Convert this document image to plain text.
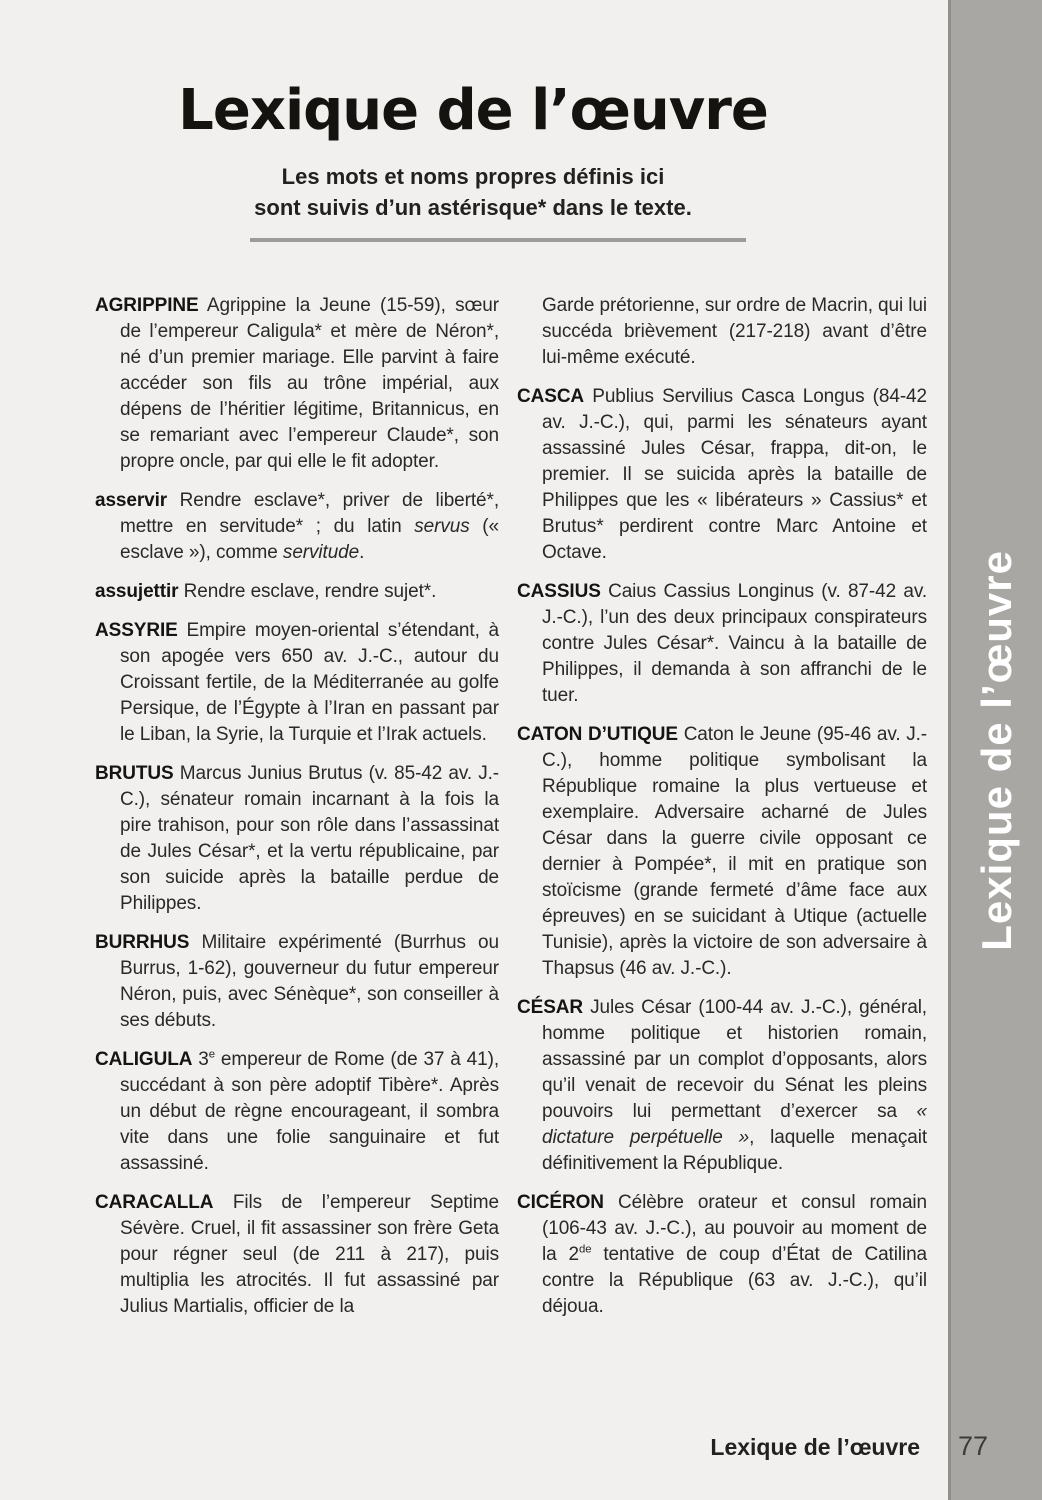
Lexique de l’œuvre
Lexique de l’œuvre

Les mots et noms propres définis ici
sont suivis d’un astérisque* dans le texte.

AGRIPPINE Agrippine la Jeune (15-59), sœur de l’empereur Caligula* et mère de Néron*, né d’un premier mariage. Elle parvint à faire accéder son fils au trône impérial, aux dépens de l’héritier légitime, Britannicus, en se remariant avec l’empereur Claude*, son propre oncle, par qui elle le fit adopter.

asservir Rendre esclave*, priver de liberté*, mettre en servitude* ; du latin servus (« esclave »), comme servitude.

assujettir Rendre esclave, rendre sujet*.

ASSYRIE Empire moyen-oriental s’étendant, à son apogée vers 650 av. J.-C., autour du Croissant fertile, de la Méditerranée au golfe Persique, de l’Égypte à l’Iran en passant par le Liban, la Syrie, la Turquie et l’Irak actuels.

BRUTUS Marcus Junius Brutus (v. 85-42 av. J.-C.), sénateur romain incarnant à la fois la pire trahison, pour son rôle dans l’assassinat de Jules César*, et la vertu républicaine, par son suicide après la bataille perdue de Philippes.

BURRHUS Militaire expérimenté (Burrhus ou Burrus, 1-62), gouverneur du futur empereur Néron, puis, avec Sénèque*, son conseiller à ses débuts.

CALIGULA 3e empereur de Rome (de 37 à 41), succédant à son père adoptif Tibère*. Après un début de règne encourageant, il sombra vite dans une folie sanguinaire et fut assassiné.

CARACALLA Fils de l’empereur Septime Sévère. Cruel, il fit assassiner son frère Geta pour régner seul (de 211 à 217), puis multiplia les atrocités. Il fut assassiné par Julius Martialis, officier de la

Garde prétorienne, sur ordre de Macrin, qui lui succéda brièvement (217-218) avant d’être lui-même exécuté.

CASCA Publius Servilius Casca Longus (84-42 av. J.-C.), qui, parmi les sénateurs ayant assassiné Jules César, frappa, dit-on, le premier. Il se suicida après la bataille de Philippes que les « libérateurs » Cassius* et Brutus* perdirent contre Marc Antoine et Octave.

CASSIUS Caius Cassius Longinus (v. 87-42 av. J.-C.), l’un des deux principaux conspirateurs contre Jules César*. Vaincu à la bataille de Philippes, il demanda à son affranchi de le tuer.

CATON D’UTIQUE Caton le Jeune (95-46 av. J.-C.), homme politique symbolisant la République romaine la plus vertueuse et exemplaire. Adversaire acharné de Jules César dans la guerre civile opposant ce dernier à Pompée*, il mit en pratique son stoïcisme (grande fermeté d’âme face aux épreuves) en se suicidant à Utique (actuelle Tunisie), après la victoire de son adversaire à Thapsus (46 av. J.-C.).

CÉSAR Jules César (100-44 av. J.-C.), général, homme politique et historien romain, assassiné par un complot d’opposants, alors qu’il venait de recevoir du Sénat les pleins pouvoirs lui permettant d’exercer sa « dictature perpétuelle », laquelle menaçait définitivement la République.

CICÉRON Célèbre orateur et consul romain (106-43 av. J.-C.), au pouvoir au moment de la 2de tentative de coup d’État de Catilina contre la République (63 av. J.-C.), qu’il déjoua.

Lexique de l’œuvre 77
